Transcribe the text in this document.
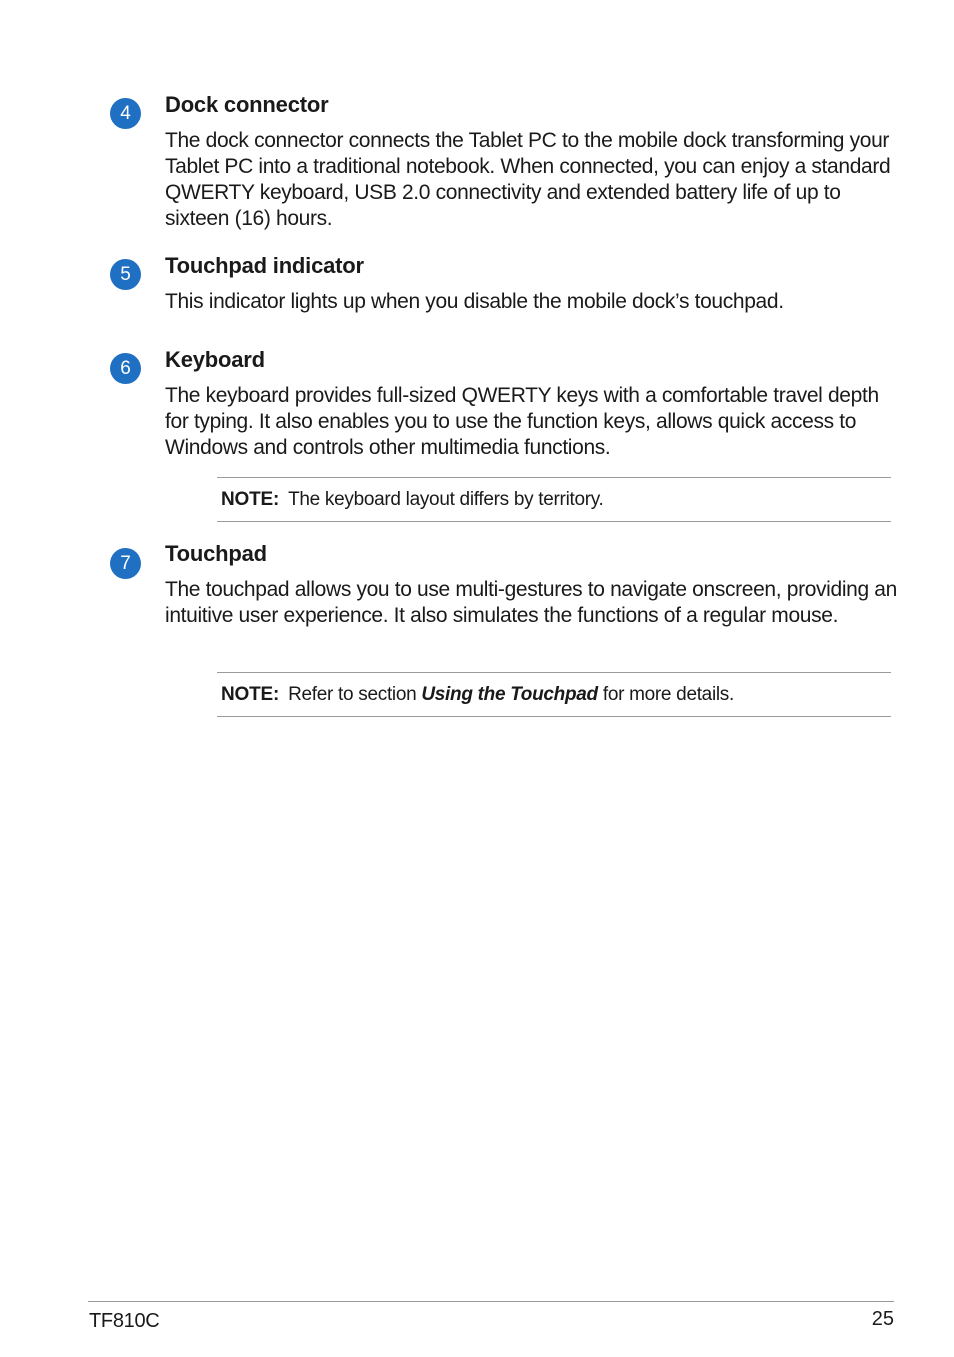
4	Dock connector

The dock connector connects the Tablet PC to the mobile dock transforming your Tablet PC into a traditional notebook. When connected, you can enjoy a standard QWERTY keyboard, USB 2.0 connectivity and extended battery life of up to sixteen (16) hours.

5	Touchpad indicator

This indicator lights up when you disable the mobile dock’s touchpad.

6	Keyboard

The keyboard provides full-sized QWERTY keys with a comfortable travel depth for typing. It also enables you to use the function keys, allows quick access to Windows and controls other multimedia functions.

NOTE: The keyboard layout differs by territory.
7	Touchpad

The touchpad allows you to use multi-gestures to navigate onscreen, providing an intuitive user experience. It also simulates the functions of a regular mouse.

NOTE: Refer to section Using the Touchpad for more details.
TF810C	25
